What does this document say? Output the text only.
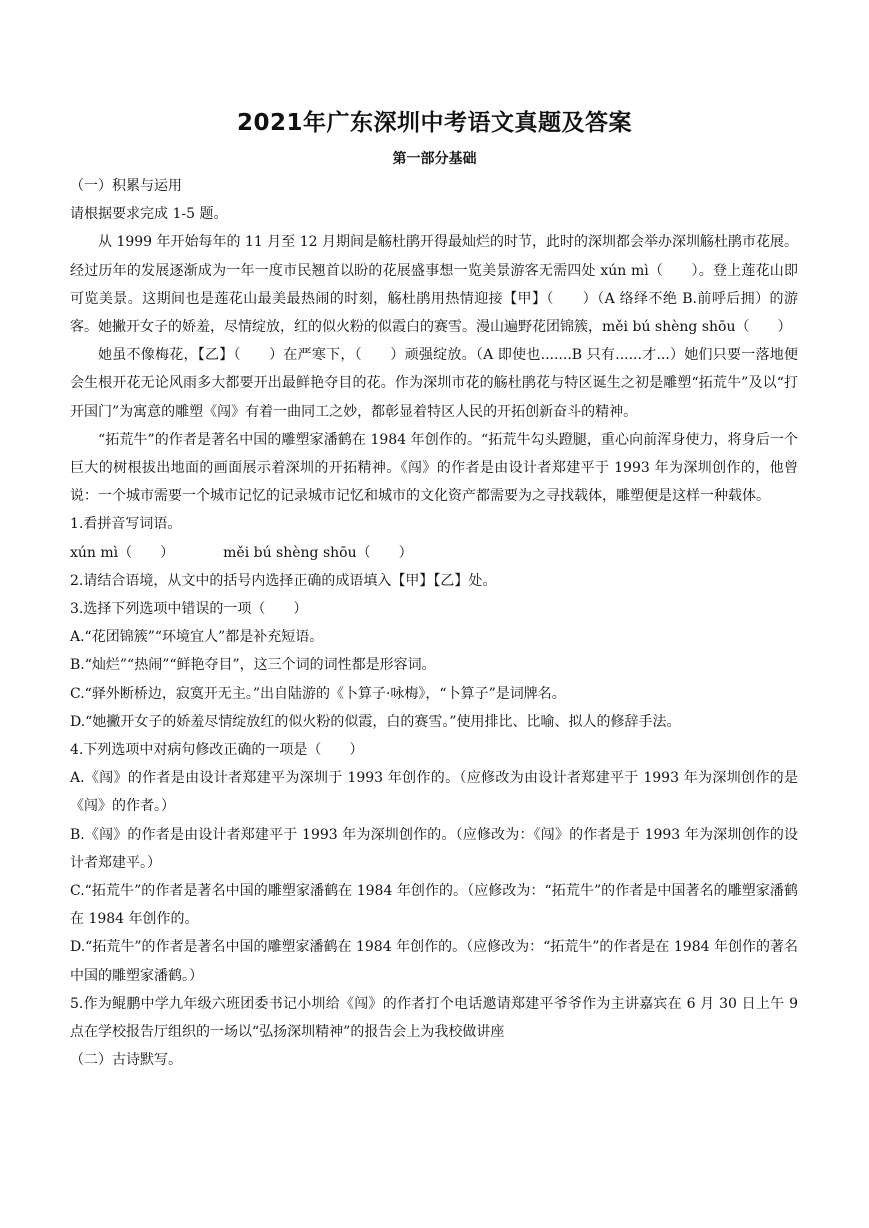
2021年广东深圳中考语文真题及答案
第一部分基础

（一）积累与运用

请根据要求完成 1-5 题。

从 1999 年开始每年的 11 月至 12 月期间是觞杜鹃开得最灿烂的时节，此时的深圳都会举办深圳觞杜鹃市花展。经过历年的发展逐渐成为一年一度市民翘首以盼的花展盛事想一览美景游客无需四处 xún mì（　　）。登上莲花山即可览美景。这期间也是莲花山最美最热闹的时刻，觞杜鹃用热情迎接【甲】（　　）（A 络绎不绝 B.前呼后拥）的游客。她撇开女子的娇羞，尽情绽放，红的似火粉的似霞白的赛雪。漫山遍野花团锦簇，měi bú shèng shōu（　　）

她虽不像梅花，【乙】（　　）在严寒下，（　　）顽强绽放。（A 即使也.......B 只有......才...）她们只要一落地便会生根开花无论风雨多大都要开出最鲜艳夺目的花。作为深圳市花的觞杜鹃花与特区诞生之初是雕塑“拓荒牛”及以“打开国门”为寓意的雕塑《闯》有着一曲同工之妙，都彰显着特区人民的开拓创新奋斗的精神。

“拓荒牛”的作者是著名中国的雕塑家潘鹤在 1984 年创作的。“拓荒牛勾头蹬腿，重心向前浑身使力，将身后一个巨大的树根拔出地面的画面展示着深圳的开拓精神。《闯》的作者是由设计者郑建平于 1993 年为深圳创作的，他曾说：一个城市需要一个城市记忆的记录城市记忆和城市的文化资产都需要为之寻找载体，雕塑便是这样一种载体。

1.看拼音写词语。

xún mì（　　）　　　　měi bú shèng shōu（　　）

2.请结合语境，从文中的括号内选择正确的成语填入【甲】【乙】处。

3.选择下列选项中错误的一项（　　）

A.“花团锦簇”“环境宜人”都是补充短语。

B.“灿烂”“热闹”“鲜艳夺目”，这三个词的词性都是形容词。

C.“驿外断桥边，寂寞开无主。”出自陆游的《卜算子·咏梅》，“卜算子”是词牌名。

D.“她撇开女子的娇羞尽情绽放红的似火粉的似霞，白的赛雪。”使用排比、比喻、拟人的修辞手法。

4.下列选项中对病句修改正确的一项是（　　）

A.《闯》的作者是由设计者郑建平为深圳于 1993 年创作的。（应修改为由设计者郑建平于 1993 年为深圳创作的是《闯》的作者。）

B.《闯》的作者是由设计者郑建平于 1993 年为深圳创作的。（应修改为：《闯》的作者是于 1993 年为深圳创作的设计者郑建平。）

C.“拓荒牛”的作者是著名中国的雕塑家潘鹤在 1984 年创作的。（应修改为：“拓荒牛”的作者是中国著名的雕塑家潘鹤在 1984 年创作的。

D.“拓荒牛”的作者是著名中国的雕塑家潘鹤在 1984 年创作的。（应修改为：“拓荒牛”的作者是在 1984 年创作的著名中国的雕塑家潘鹤。）

5.作为鲲鹏中学九年级六班团委书记小圳给《闯》的作者打个电话邀请郑建平爷爷作为主讲嘉宾在 6 月 30 日上午 9 点在学校报告厅组织的一场以“弘扬深圳精神”的报告会上为我校做讲座

（二）古诗默写。
